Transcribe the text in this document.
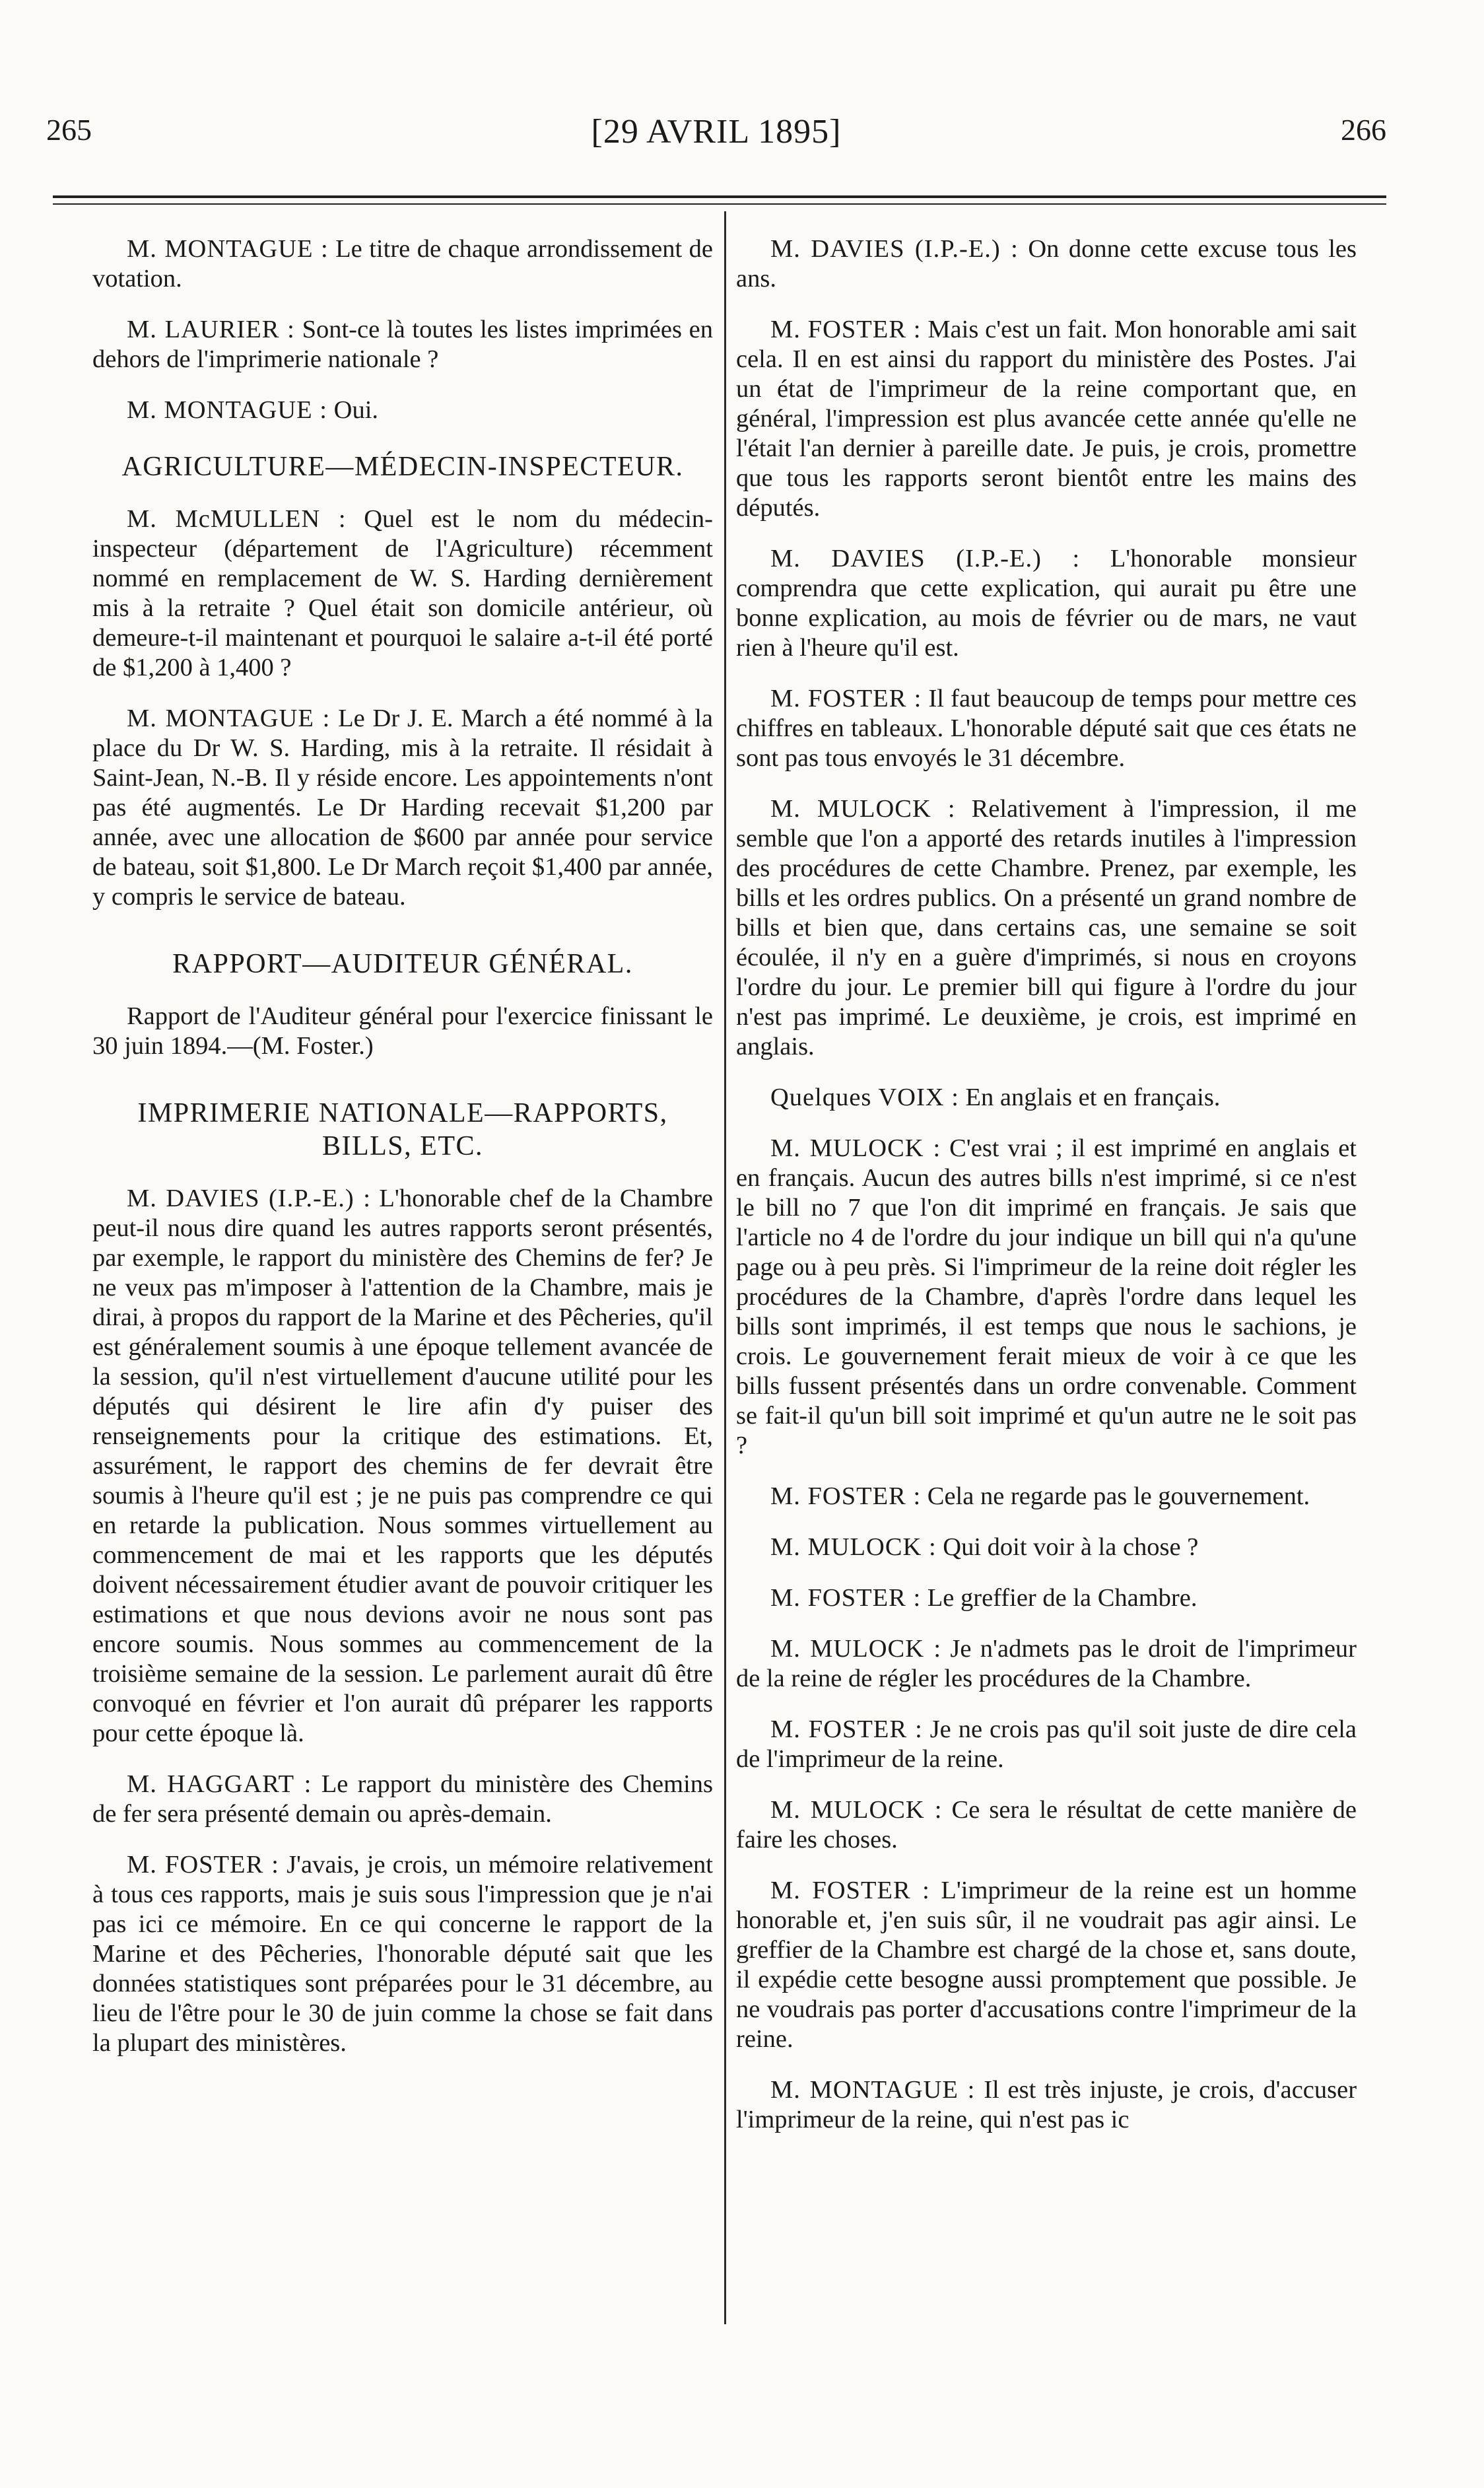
265	[29 AVRIL 1895]	266

M. MONTAGUE : Le titre de chaque arrondissement de votation.

M. LAURIER : Sont-ce là toutes les listes imprimées en dehors de l'imprimerie nationale ?

M. MONTAGUE : Oui.

AGRICULTURE—MÉDECIN-INSPECTEUR.

M. McMULLEN : Quel est le nom du médecin-inspecteur (département de l'Agriculture) récemment nommé en remplacement de W. S. Harding dernièrement mis à la retraite ? Quel était son domicile antérieur, où demeure-t-il maintenant et pourquoi le salaire a-t-il été porté de $1,200 à 1,400 ?

M. MONTAGUE : Le Dr J. E. March a été nommé à la place du Dr W. S. Harding, mis à la retraite. Il résidait à Saint-Jean, N.-B. Il y réside encore. Les appointements n'ont pas été augmentés. Le Dr Harding recevait $1,200 par année, avec une allocation de $600 par année pour service de bateau, soit $1,800. Le Dr March reçoit $1,400 par année, y compris le service de bateau.

RAPPORT—AUDITEUR GÉNÉRAL.

Rapport de l'Auditeur général pour l'exercice finissant le 30 juin 1894.—(M. Foster.)

IMPRIMERIE NATIONALE—RAPPORTS, BILLS, ETC.

M. DAVIES (I.P.-E.) : L'honorable chef de la Chambre peut-il nous dire quand les autres rapports seront présentés, par exemple, le rapport du ministère des Chemins de fer? Je ne veux pas m'imposer à l'attention de la Chambre, mais je dirai, à propos du rapport de la Marine et des Pêcheries, qu'il est généralement soumis à une époque tellement avancée de la session, qu'il n'est virtuellement d'aucune utilité pour les députés qui désirent le lire afin d'y puiser des renseignements pour la critique des estimations. Et, assurément, le rapport des chemins de fer devrait être soumis à l'heure qu'il est ; je ne puis pas comprendre ce qui en retarde la publication. Nous sommes virtuellement au commencement de mai et les rapports que les députés doivent nécessairement étudier avant de pouvoir critiquer les estimations et que nous devions avoir ne nous sont pas encore soumis. Nous sommes au commencement de la troisième semaine de la session. Le parlement aurait dû être convoqué en février et l'on aurait dû préparer les rapports pour cette époque là.

M. HAGGART : Le rapport du ministère des Chemins de fer sera présenté demain ou après-demain.

M. FOSTER : J'avais, je crois, un mémoire relativement à tous ces rapports, mais je suis sous l'impression que je n'ai pas ici ce mémoire. En ce qui concerne le rapport de la Marine et des Pêcheries, l'honorable député sait que les données statistiques sont préparées pour le 31 décembre, au lieu de l'être pour le 30 de juin comme la chose se fait dans la plupart des ministères.

M. DAVIES (I.P.-E.) : On donne cette excuse tous les ans.

M. FOSTER : Mais c'est un fait. Mon honorable ami sait cela. Il en est ainsi du rapport du ministère des Postes. J'ai un état de l'imprimeur de la reine comportant que, en général, l'impression est plus avancée cette année qu'elle ne l'était l'an dernier à pareille date. Je puis, je crois, promettre que tous les rapports seront bientôt entre les mains des députés.

M. DAVIES (I.P.-E.) : L'honorable monsieur comprendra que cette explication, qui aurait pu être une bonne explication, au mois de février ou de mars, ne vaut rien à l'heure qu'il est.

M. FOSTER : Il faut beaucoup de temps pour mettre ces chiffres en tableaux. L'honorable député sait que ces états ne sont pas tous envoyés le 31 décembre.

M. MULOCK : Relativement à l'impression, il me semble que l'on a apporté des retards inutiles à l'impression des procédures de cette Chambre. Prenez, par exemple, les bills et les ordres publics. On a présenté un grand nombre de bills et bien que, dans certains cas, une semaine se soit écoulée, il n'y en a guère d'imprimés, si nous en croyons l'ordre du jour. Le premier bill qui figure à l'ordre du jour n'est pas imprimé. Le deuxième, je crois, est imprimé en anglais.

Quelques VOIX : En anglais et en français.

M. MULOCK : C'est vrai ; il est imprimé en anglais et en français. Aucun des autres bills n'est imprimé, si ce n'est le bill no 7 que l'on dit imprimé en français. Je sais que l'article no 4 de l'ordre du jour indique un bill qui n'a qu'une page ou à peu près. Si l'imprimeur de la reine doit régler les procédures de la Chambre, d'après l'ordre dans lequel les bills sont imprimés, il est temps que nous le sachions, je crois. Le gouvernement ferait mieux de voir à ce que les bills fussent présentés dans un ordre convenable. Comment se fait-il qu'un bill soit imprimé et qu'un autre ne le soit pas ?

M. FOSTER : Cela ne regarde pas le gouvernement.

M. MULOCK : Qui doit voir à la chose ?

M. FOSTER : Le greffier de la Chambre.

M. MULOCK : Je n'admets pas le droit de l'imprimeur de la reine de régler les procédures de la Chambre.

M. FOSTER : Je ne crois pas qu'il soit juste de dire cela de l'imprimeur de la reine.

M. MULOCK : Ce sera le résultat de cette manière de faire les choses.

M. FOSTER : L'imprimeur de la reine est un homme honorable et, j'en suis sûr, il ne voudrait pas agir ainsi. Le greffier de la Chambre est chargé de la chose et, sans doute, il expédie cette besogne aussi promptement que possible. Je ne voudrais pas porter d'accusations contre l'imprimeur de la reine.

M. MONTAGUE : Il est très injuste, je crois, d'accuser l'imprimeur de la reine, qui n'est pas ic
